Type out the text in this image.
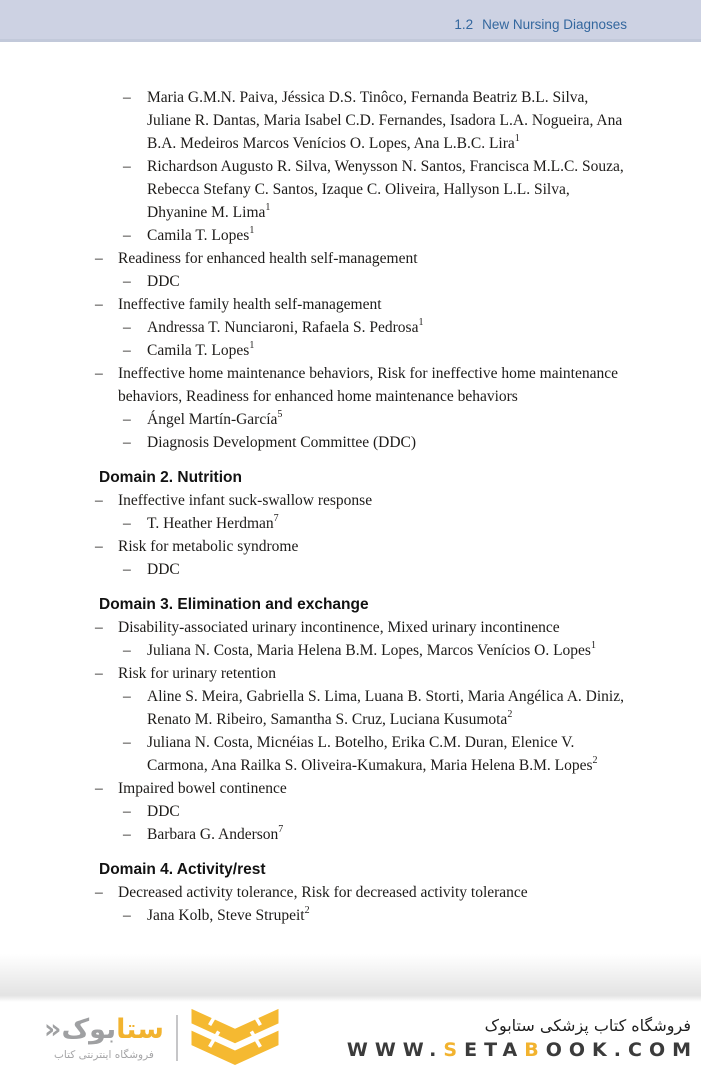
1.2 New Nursing Diagnoses
–	Maria G.M.N. Paiva, Jéssica D.S. Tinôco, Fernanda Beatriz B.L. Silva, Juliane R. Dantas, Maria Isabel C.D. Fernandes, Isadora L.A. Nogueira, Ana B.A. Medeiros Marcos Venícios O. Lopes, Ana L.B.C. Lira$^1$
–	Richardson Augusto R. Silva, Wenysson N. Santos, Francisca M.L.C. Souza, Rebecca Stefany C. Santos, Izaque C. Oliveira, Hallyson L.L. Silva, Dhyanine M. Lima$^1$
–	Camila T. Lopes$^1$
– Readiness for enhanced health self-management
–	DDC
– Ineffective family health self-management
–	Andressa T. Nunciaroni, Rafaela S. Pedrosa$^1$
–	Camila T. Lopes$^1$
– Ineffective home maintenance behaviors, Risk for ineffective home maintenance behaviors, Readiness for enhanced home maintenance behaviors
–	Ángel Martín-García$^5$
–	Diagnosis Development Committee (DDC)
Domain 2. Nutrition
– Ineffective infant suck-swallow response
–	T. Heather Herdman$^7$
– Risk for metabolic syndrome
–	DDC
Domain 3. Elimination and exchange
– Disability-associated urinary incontinence, Mixed urinary incontinence
–	Juliana N. Costa, Maria Helena B.M. Lopes, Marcos Venícios O. Lopes$^1$
– Risk for urinary retention
–	Aline S. Meira, Gabriella S. Lima, Luana B. Storti, Maria Angélica A. Diniz, Renato M. Ribeiro, Samantha S. Cruz, Luciana Kusumota$^2$
–	Juliana N. Costa, Micnéias L. Botelho, Erika C.M. Duran, Elenice V. Carmona, Ana Railka S. Oliveira-Kumakura, Maria Helena B.M. Lopes$^2$
– Impaired bowel continence
–	DDC
–	Barbara G. Anderson$^7$
Domain 4. Activity/rest
– Decreased activity tolerance, Risk for decreased activity tolerance
–	Jana Kolb, Steve Strupeit$^2$
ستابوک«
فروشگاه اینترنتی کتاب
فروشگاه کتاب پزشکی ستابوک
WWW.SETABOOK.COM
